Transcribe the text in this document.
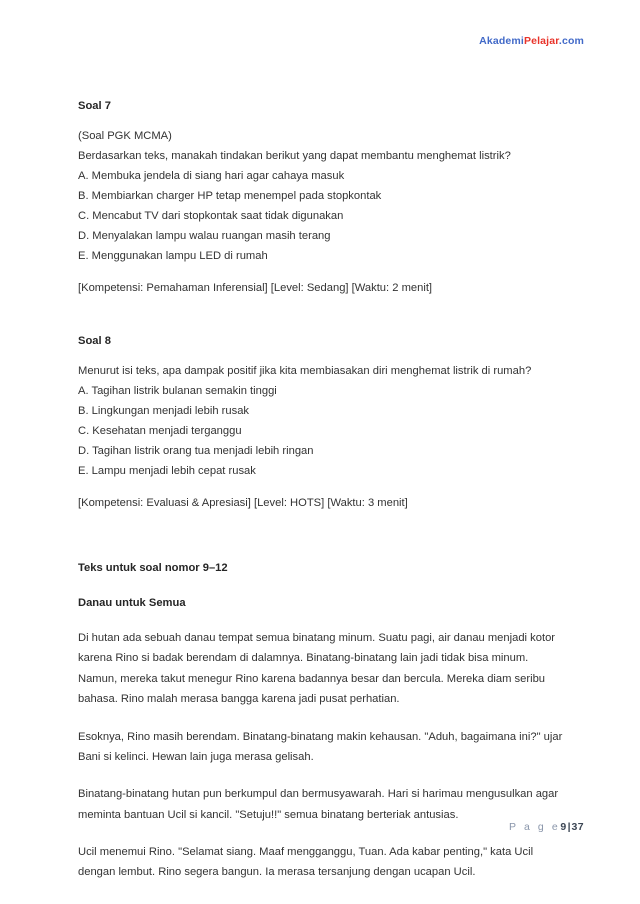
AkademiPelajar.com

Soal 7

(Soal PGK MCMA)
Berdasarkan teks, manakah tindakan berikut yang dapat membantu menghemat listrik?
A. Membuka jendela di siang hari agar cahaya masuk
B. Membiarkan charger HP tetap menempel pada stopkontak
C. Mencabut TV dari stopkontak saat tidak digunakan
D. Menyalakan lampu walau ruangan masih terang
E. Menggunakan lampu LED di rumah

[Kompetensi: Pemahaman Inferensial] [Level: Sedang] [Waktu: 2 menit]

Soal 8

Menurut isi teks, apa dampak positif jika kita membiasakan diri menghemat listrik di rumah?
A. Tagihan listrik bulanan semakin tinggi
B. Lingkungan menjadi lebih rusak
C. Kesehatan menjadi terganggu
D. Tagihan listrik orang tua menjadi lebih ringan
E. Lampu menjadi lebih cepat rusak

[Kompetensi: Evaluasi & Apresiasi] [Level: HOTS] [Waktu: 3 menit]

Teks untuk soal nomor 9–12

Danau untuk Semua

Di hutan ada sebuah danau tempat semua binatang minum. Suatu pagi, air danau menjadi kotor karena Rino si badak berendam di dalamnya. Binatang-binatang lain jadi tidak bisa minum. Namun, mereka takut menegur Rino karena badannya besar dan bercula. Mereka diam seribu bahasa. Rino malah merasa bangga karena jadi pusat perhatian.

Esoknya, Rino masih berendam. Binatang-binatang makin kehausan. "Aduh, bagaimana ini?" ujar Bani si kelinci. Hewan lain juga merasa gelisah.

Binatang-binatang hutan pun berkumpul dan bermusyawarah. Hari si harimau mengusulkan agar meminta bantuan Ucil si kancil. "Setuju!!" semua binatang berteriak antusias.

Ucil menemui Rino. "Selamat siang. Maaf mengganggu, Tuan. Ada kabar penting," kata Ucil dengan lembut. Rino segera bangun. Ia merasa tersanjung dengan ucapan Ucil.

P a g e9|37
